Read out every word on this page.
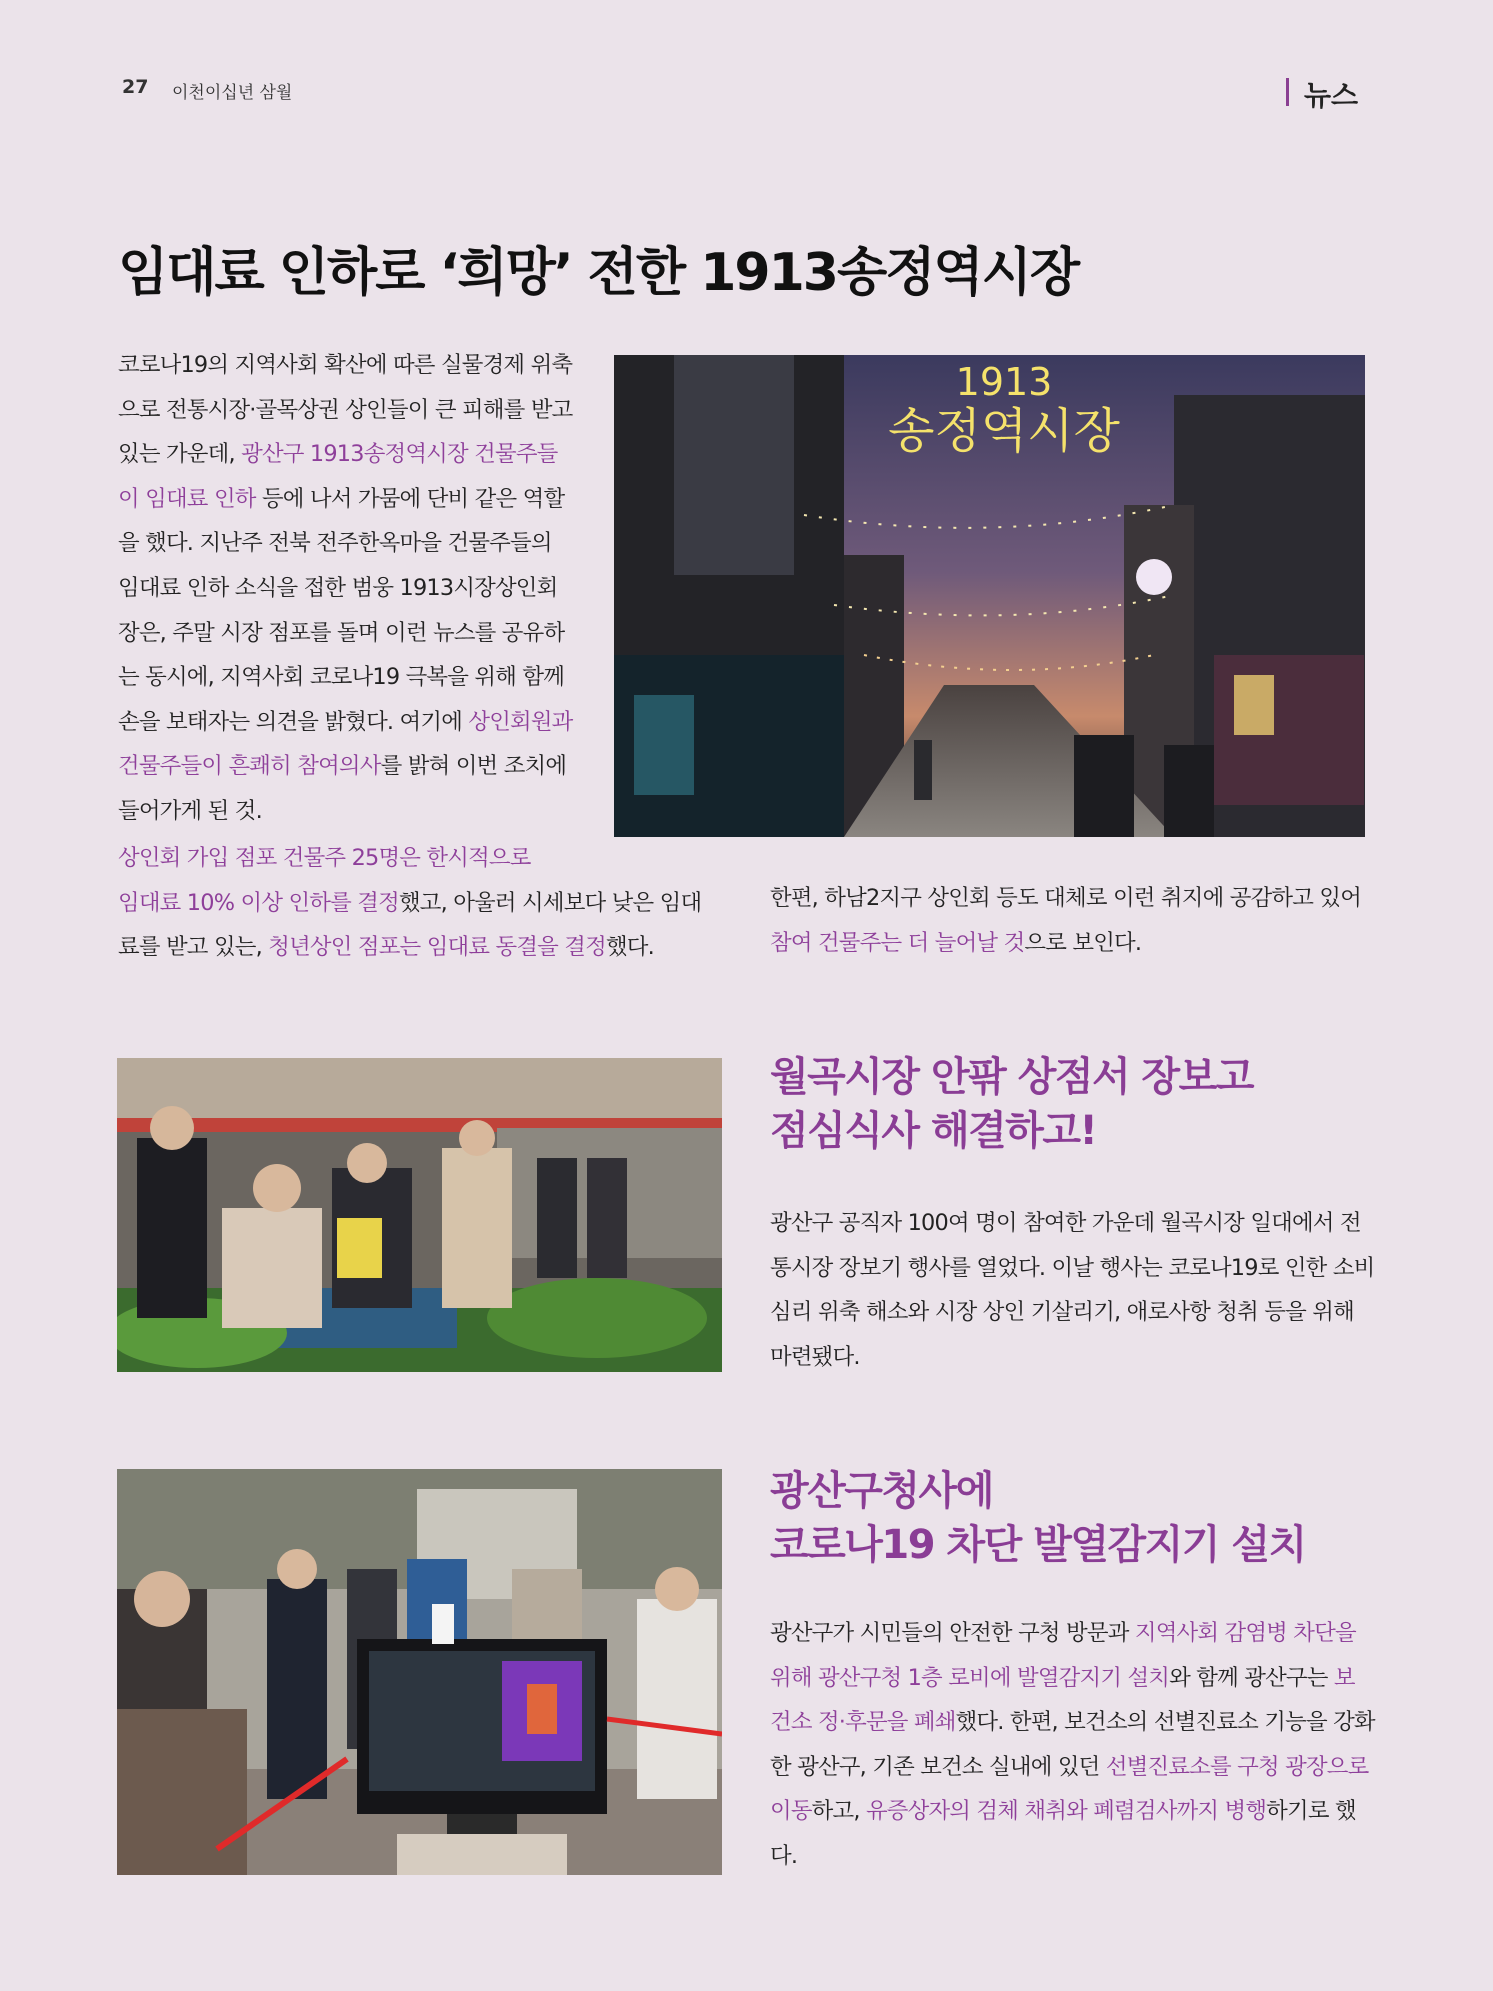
27 이천이십년 삼월	뉴스
임대료 인하로 ‘희망’ 전한 1913송정역시장

코로나19의 지역사회 확산에 따른 실물경제 위축으로 전통시장·골목상권 상인들이 큰 피해를 받고 있는 가운데, 광산구 1913송정역시장 건물주들이 임대료 인하 등에 나서 가뭄에 단비 같은 역할을 했다. 지난주 전북 전주한옥마을 건물주들의 임대료 인하 소식을 접한 범웅 1913시장상인회장은, 주말 시장 점포를 돌며 이런 뉴스를 공유하는 동시에, 지역사회 코로나19 극복을 위해 함께 손을 보태자는 의견을 밝혔다. 여기에 상인회원과 건물주들이 흔쾌히 참여의사를 밝혀 이번 조치에 들어가게 된 것.

1913
송정역시장

상인회 가입 점포 건물주 25명은 한시적으로
임대료 10% 이상 인하를 결정했고, 아울러 시세보다 낮은 임대료를 받고 있는, 청년상인 점포는 임대료 동결을 결정했다.

한편, 하남2지구 상인회 등도 대체로 이런 취지에 공감하고 있어 참여 건물주는 더 늘어날 것으로 보인다.

월곡시장 안팎 상점서 장보고
점심식사 해결하고!

광산구 공직자 100여 명이 참여한 가운데 월곡시장 일대에서 전통시장 장보기 행사를 열었다. 이날 행사는 코로나19로 인한 소비심리 위축 해소와 시장 상인 기살리기, 애로사항 청취 등을 위해 마련됐다.

광산구청사에
코로나19 차단 발열감지기 설치

광산구가 시민들의 안전한 구청 방문과 지역사회 감염병 차단을 위해 광산구청 1층 로비에 발열감지기 설치와 함께 광산구는 보건소 정·후문을 폐쇄했다. 한편, 보건소의 선별진료소 기능을 강화한 광산구, 기존 보건소 실내에 있던 선별진료소를 구청 광장으로 이동하고, 유증상자의 검체 채취와 폐렴검사까지 병행하기로 했다.
